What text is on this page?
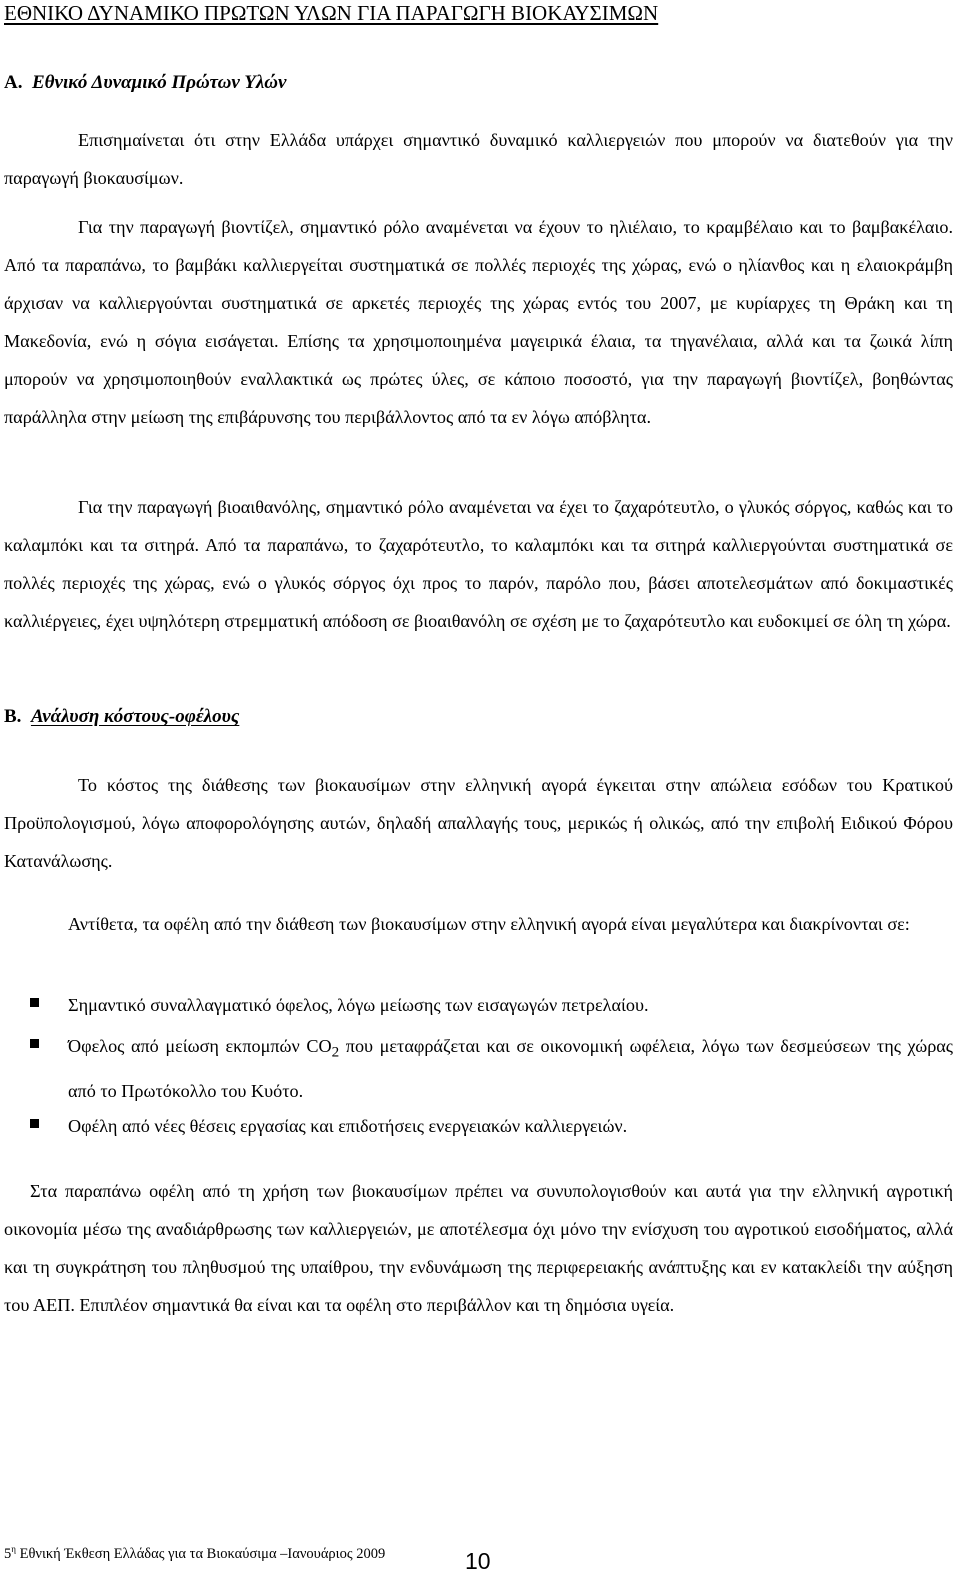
ΕΘΝΙΚΟ ΔΥΝΑΜΙΚΟ ΠΡΩΤΩΝ ΥΛΩΝ ΓΙΑ ΠΑΡΑΓΩΓΗ ΒΙΟΚΑΥΣΙΜΩΝ
A. Εθνικό Δυναμικό Πρώτων Υλών

Επισημαίνεται ότι στην Ελλάδα υπάρχει σημαντικό δυναμικό καλλιεργειών που μπορούν να διατεθούν για την παραγωγή βιοκαυσίμων.

Για την παραγωγή βιοντίζελ, σημαντικό ρόλο αναμένεται να έχουν το ηλιέλαιο, το κραμβέλαιο και το βαμβακέλαιο. Από τα παραπάνω, το βαμβάκι καλλιεργείται συστηματικά σε πολλές περιοχές της χώρας, ενώ ο ηλίανθος και η ελαιοκράμβη άρχισαν να καλλιεργούνται συστηματικά σε αρκετές περιοχές της χώρας εντός του 2007, με κυρίαρχες τη Θράκη και τη Μακεδονία, ενώ η σόγια εισάγεται. Επίσης τα χρησιμοποιημένα μαγειρικά έλαια, τα τηγανέλαια, αλλά και τα ζωικά λίπη μπορούν να χρησιμοποιηθούν εναλλακτικά ως πρώτες ύλες, σε κάποιο ποσοστό, για την παραγωγή βιοντίζελ, βοηθώντας παράλληλα στην μείωση της επιβάρυνσης του περιβάλλοντος από τα εν λόγω απόβλητα.

Για την παραγωγή βιοαιθανόλης, σημαντικό ρόλο αναμένεται να έχει το ζαχαρότευτλο, ο γλυκός σόργος, καθώς και το καλαμπόκι και τα σιτηρά. Από τα παραπάνω, το ζαχαρότευτλο, το καλαμπόκι και τα σιτηρά καλλιεργούνται συστηματικά σε πολλές περιοχές της χώρας, ενώ ο γλυκός σόργος όχι προς το παρόν, παρόλο που, βάσει αποτελεσμάτων από δοκιμαστικές καλλιέργειες, έχει υψηλότερη στρεμματική απόδοση σε βιοαιθανόλη σε σχέση με το ζαχαρότευτλο και ευδοκιμεί σε όλη τη χώρα.

B. Ανάλυση κόστους-οφέλους

Το κόστος της διάθεσης των βιοκαυσίμων στην ελληνική αγορά έγκειται στην απώλεια εσόδων του Κρατικού Προϋπολογισμού, λόγω αποφορολόγησης αυτών, δηλαδή απαλλαγής τους, μερικώς ή ολικώς, από την επιβολή Ειδικού Φόρου Κατανάλωσης.

Αντίθετα, τα οφέλη από την διάθεση των βιοκαυσίμων στην ελληνική αγορά είναι μεγαλύτερα και διακρίνονται σε:

Σημαντικό συναλλαγματικό όφελος, λόγω μείωσης των εισαγωγών πετρελαίου.
Όφελος από μείωση εκπομπών $CO_2$ που μεταφράζεται και σε οικονομική ωφέλεια, λόγω των δεσμεύσεων της χώρας από το Πρωτόκολλο του Κυότο.
Οφέλη από νέες θέσεις εργασίας και επιδοτήσεις ενεργειακών καλλιεργειών.

Στα παραπάνω οφέλη από τη χρήση των βιοκαυσίμων πρέπει να συνυπολογισθούν και αυτά για την ελληνική αγροτική οικονομία μέσω της αναδιάρθρωσης των καλλιεργειών, με αποτέλεσμα όχι μόνο την ενίσχυση του αγροτικού εισοδήματος, αλλά και τη συγκράτηση του πληθυσμού της υπαίθρου, την ενδυνάμωση της περιφερειακής ανάπτυξης και εν κατακλείδι την αύξηση του ΑΕΠ. Επιπλέον σημαντικά θα είναι και τα οφέλη στο περιβάλλον και τη δημόσια υγεία.

$5^\eta$ Εθνική Έκθεση Ελλάδας για τα Βιοκαύσιμα –Ιανουάριος 2009	10
